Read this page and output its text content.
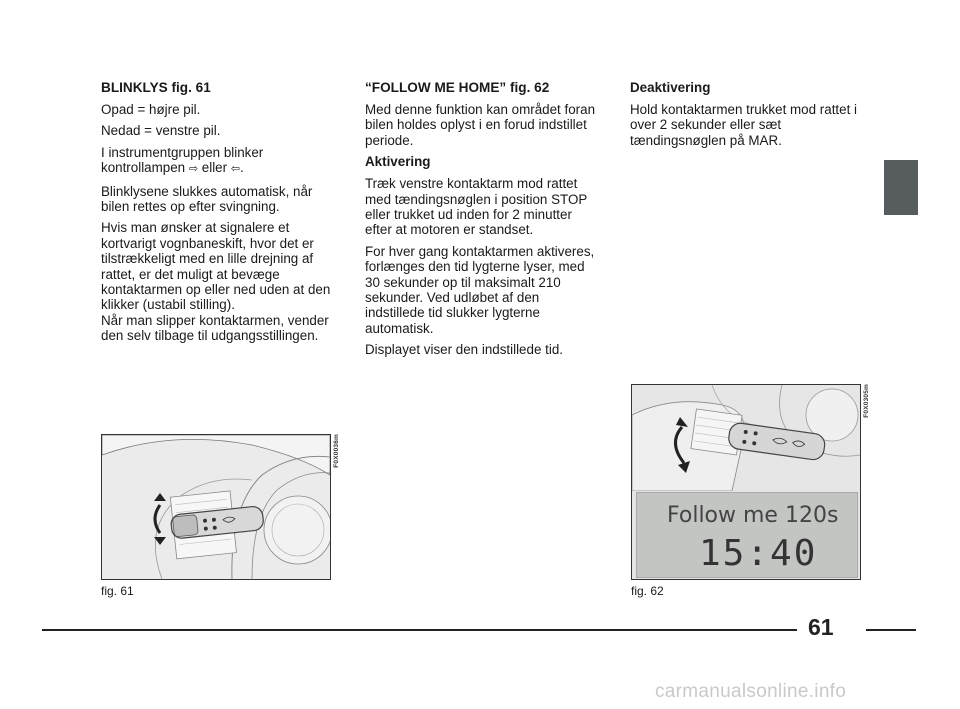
BLINKLYS fig. 61

Opad = højre pil.

Nedad = venstre pil.

I instrumentgruppen blinker kontrollampen ⇨ eller ⇦.

Blinklysene slukkes automatisk, når bilen rettes op efter svingning.

Hvis man ønsker at signalere et kortvarigt vognbaneskift, hvor det er tilstrækkeligt med en lille drejning af rattet, er det muligt at bevæge kontaktarmen op eller ned uden at den klikker (ustabil stilling).

Når man slipper kontaktarmen, vender den selv tilbage til udgangsstillingen.

“FOLLOW ME HOME” fig. 62

Med denne funktion kan området foran bilen holdes oplyst i en forud indstillet periode.

Aktivering

Træk venstre kontaktarm mod rattet med tændingsnøglen i position STOP eller trukket ud inden for 2 minutter efter at motoren er standset.

For hver gang kontaktarmen aktiveres, forlænges den tid lygterne lyser, med 30 sekunder op til maksimalt 210 sekunder. Ved udløbet af den indstillede tid slukker lygterne automatisk.

Displayet viser den indstillede tid.

Deaktivering

Hold kontaktarmen trukket mod rattet i over 2 sekunder eller sæt tændingsnøglen på MAR.

F0X0036m
fig. 61
Follow me 120s
15:40
F0X0305m
fig. 62
61
carmanualsonline.info
